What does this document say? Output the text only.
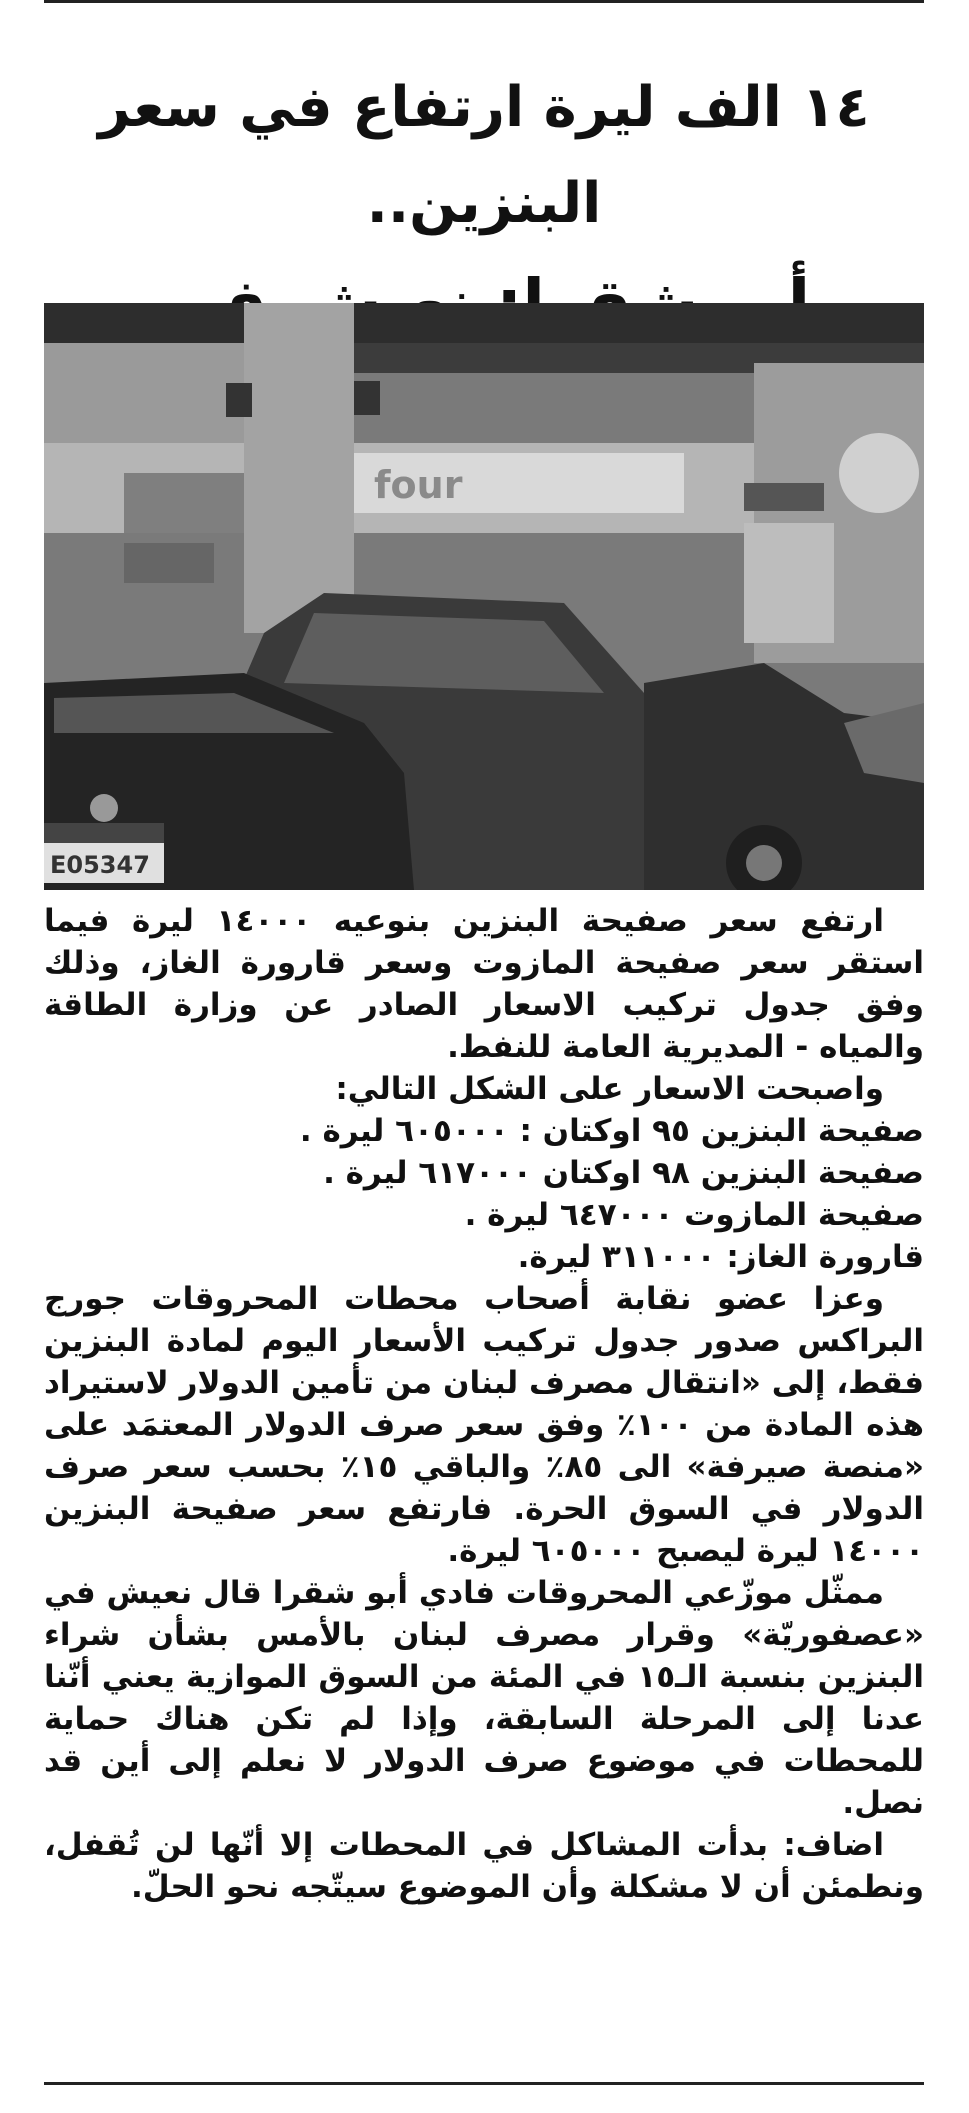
١٤ الف ليرة ارتفاع في سعر البنزين..
four
E05347

ارتفع سعر صفيحة البنزين بنوعيه ١٤٠٠٠ ليرة فيما استقر سعر صفيحة المازوت وسعر قارورة الغاز، وذلك وفق جدول تركيب الاسعار الصادر عن وزارة الطاقة والمياه - المديرية العامة للنفط.

واصبحت الاسعار على الشكل التالي:

صفيحة البنزين ٩٥ اوكتان : ٦٠٥٠٠٠ ليرة .

صفيحة البنزين ٩٨ اوكتان ٦١٧٠٠٠ ليرة .

صفيحة المازوت ٦٤٧٠٠٠ ليرة .

قارورة الغاز: ٣١١٠٠٠ ليرة.

وعزا عضو نقابة أصحاب محطات المحروقات جورج البراكس صدور جدول تركيب الأسعار اليوم لمادة البنزين فقط، إلى «انتقال مصرف لبنان من تأمين الدولار لاستيراد هذه المادة من ١٠٠٪ وفق سعر صرف الدولار المعتمَد على «منصة صيرفة» الى ٨٥٪ والباقي ١٥٪ بحسب سعر صرف الدولار في السوق الحرة. فارتفع سعر صفيحة البنزين ١٤٠٠٠ ليرة ليصبح ٦٠٥٠٠٠ ليرة.

ممثّل موزّعي المحروقات فادي أبو شقرا قال نعيش في «عصفوريّة» وقرار مصرف لبنان بالأمس بشأن شراء البنزين بنسبة الـ١٥ في المئة من السوق الموازية يعني أنّنا عدنا إلى المرحلة السابقة، وإذا لم تكن هناك حماية للمحطات في موضوع صرف الدولار لا نعلم إلى أين قد نصل.

اضاف: بدأت المشاكل في المحطات إلا أنّها لن تُقفل، ونطمئن أن لا مشكلة وأن الموضوع سيتّجه نحو الحلّ.
